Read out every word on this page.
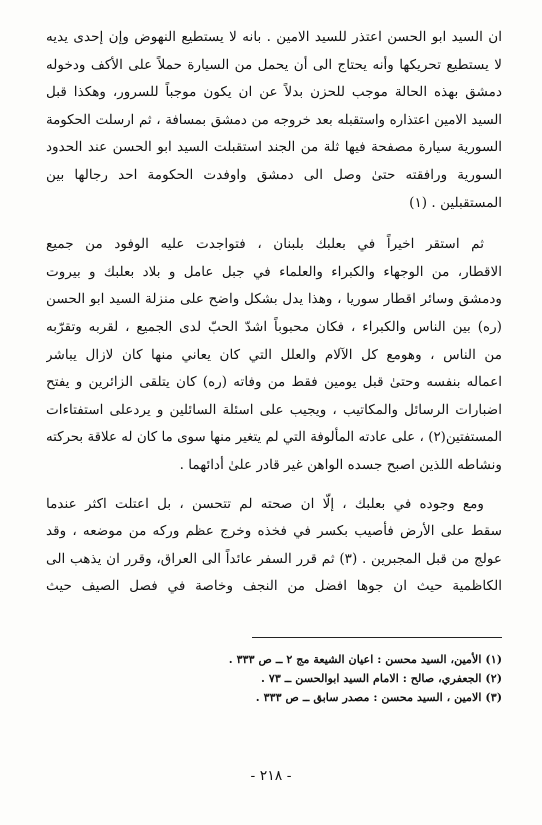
ان السيد ابو الحسن اعتذر للسيد الامين . بانه لا يستطيع النهوض وإن إحدى يديه
لا يستطيع تحريكها وأنه يحتاج الى أن يحمل من السيارة حملاً على الأكف ودخوله
دمشق بهذه الحالة موجب للحزن بدلاً عن ان يكون موجباً للسرور، وهكذا قبل
السيد الامين اعتذاره واستقبله بعد خروجه من دمشق بمسافة ، ثم ارسلت الحكومة
السورية سيارة مصفحة فيها ثلة من الجند استقبلت السيد ابو الحسن عند الحدود
السورية ورافقته حتىٰ وصل الى دمشق واوفدت الحكومة احد رجالها بين
المستقبلين . (١)
ثم استقر اخيراً في بعلبك بلبنان ، فتواجدت عليه الوفود من جميع
الاقطار، من الوجهاء والكبراء والعلماء في جبل عامل و بلاد بعلبك و بيروت
ودمشق وسائر اقطار سوريا ، وهذا يدل بشكل واضح على منزلة السيد ابو الحسن
(ره) بين الناس والكبراء ، فكان محبوباً اشدّ الحبّ لدى الجميع ، لقربه وتقرّبه
من الناس ، وهومع كل الآلام والعلل التي كان يعاني منها كان لازال يباشر
اعماله بنفسه وحتىٰ قبل يومين فقط من وفاته (ره) كان يتلقى الزائرين و يفتح
اضبارات الرسائل والمكاتيب ، ويجيب على اسئلة السائلين و يردعلى استفتاءات
المستفتين(٢) ، على عادته المألوفة التي لم يتغير منها سوى ما كان له علاقة بحركته
ونشاطه اللذين اصبح جسده الواهن غير قادر علىٰ أدائهما .
ومع وجوده في بعلبك ، إلّا ان صحته لم تتحسن ، بل اعتلت اكثر عندما
سقط على الأرض فأصيب بكسر في فخذه وخرج عظم وركه من موضعه ، وقد
عولج من قبل المجبرين . (٣) ثم قرر السفر عائداً الى العراق، وقرر ان يذهب الى
الكاظمية حيث ان جوها افضل من النجف وخاصة في فصل الصيف حيث
(١) الأمين، السيد محسن : اعيان الشيعة مج ٢ ــ ص ٣٣٣ .
(٢) الجعفري، صالح : الامام السيد ابوالحسن ــ ٧٣ .
(٣) الامين ، السيد محسن : مصدر سابق ــ ص ٣٣٣ .
- ٢١٨ -
